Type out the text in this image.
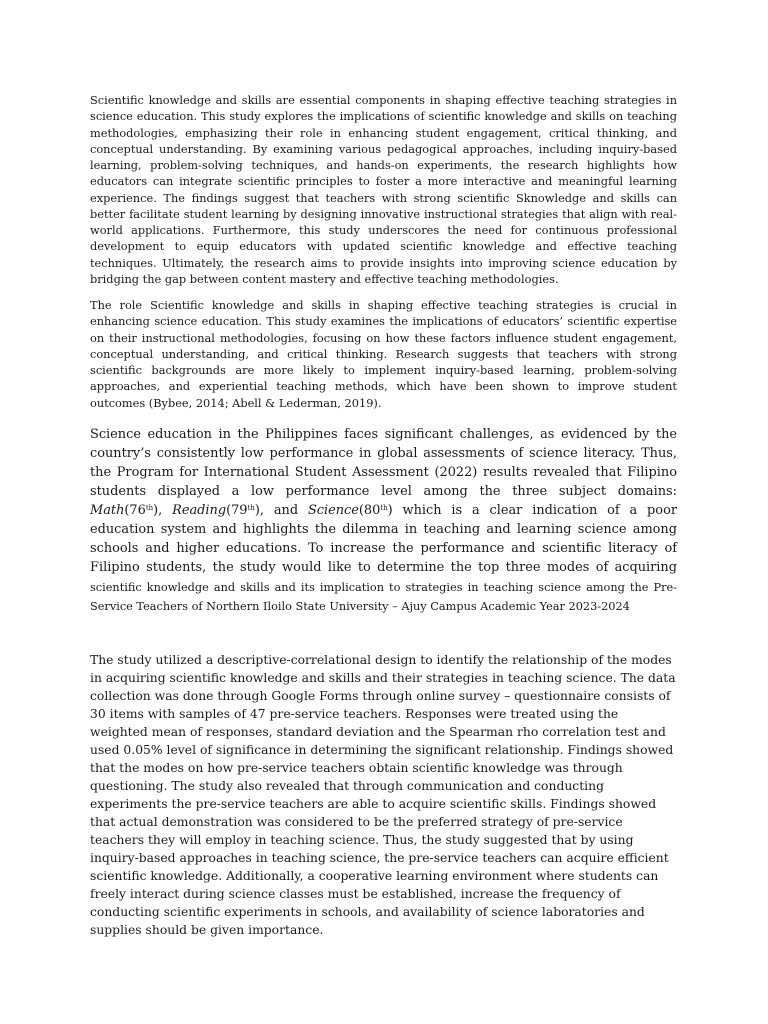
Scientific knowledge and skills are essential components in shaping effective teaching strategies in science education. This study explores the implications of scientific knowledge and skills on teaching methodologies, emphasizing their role in enhancing student engagement, critical thinking, and conceptual understanding. By examining various pedagogical approaches, including inquiry-based learning, problem-solving techniques, and hands-on experiments, the research highlights how educators can integrate scientific principles to foster a more interactive and meaningful learning experience. The findings suggest that teachers with strong scientific Sknowledge and skills can better facilitate student learning by designing innovative instructional strategies that align with real-world applications. Furthermore, this study underscores the need for continuous professional development to equip educators with updated scientific knowledge and effective teaching techniques. Ultimately, the research aims to provide insights into improving science education by bridging the gap between content mastery and effective teaching methodologies.

The role Scientific knowledge and skills in shaping effective teaching strategies is crucial in enhancing science education. This study examines the implications of educators’ scientific expertise on their instructional methodologies, focusing on how these factors influence student engagement, conceptual understanding, and critical thinking. Research suggests that teachers with strong scientific backgrounds are more likely to implement inquiry-based learning, problem-solving approaches, and experiential teaching methods, which have been shown to improve student outcomes (Bybee, 2014; Abell & Lederman, 2019).

Science education in the Philippines faces significant challenges, as evidenced by the country’s consistently low performance in global assessments of science literacy. Thus, the Program for International Student Assessment (2022) results revealed that Filipino students displayed a low performance level among the three subject domains: Math(76th), Reading(79th), and Science(80th) which is a clear indication of a poor education system and highlights the dilemma in teaching and learning science among schools and higher educations. To increase the performance and scientific literacy of Filipino students, the study would like to determine the top three modes of acquiring scientific knowledge and skills and its implication to strategies in teaching science among the Pre-Service Teachers of Northern Iloilo State University – Ajuy Campus Academic Year 2023-2024

The study utilized a descriptive-correlational design to identify the relationship of the modes in acquiring scientific knowledge and skills and their strategies in teaching science. The data collection was done through Google Forms through online survey – questionnaire consists of 30 items with samples of 47 pre-service teachers. Responses were treated using the weighted mean of responses, standard deviation and the Spearman rho correlation test and used 0.05% level of significance in determining the significant relationship. Findings showed that the modes on how pre-service teachers obtain scientific knowledge was through questioning. The study also revealed that through communication and conducting experiments the pre-service teachers are able to acquire scientific skills. Findings showed that actual demonstration was considered to be the preferred strategy of pre-service teachers they will employ in teaching science. Thus, the study suggested that by using inquiry-based approaches in teaching science, the pre-service teachers can acquire efficient scientific knowledge. Additionally, a cooperative learning environment where students can freely interact during science classes must be established, increase the frequency of conducting scientific experiments in schools, and availability of science laboratories and supplies should be given importance.
